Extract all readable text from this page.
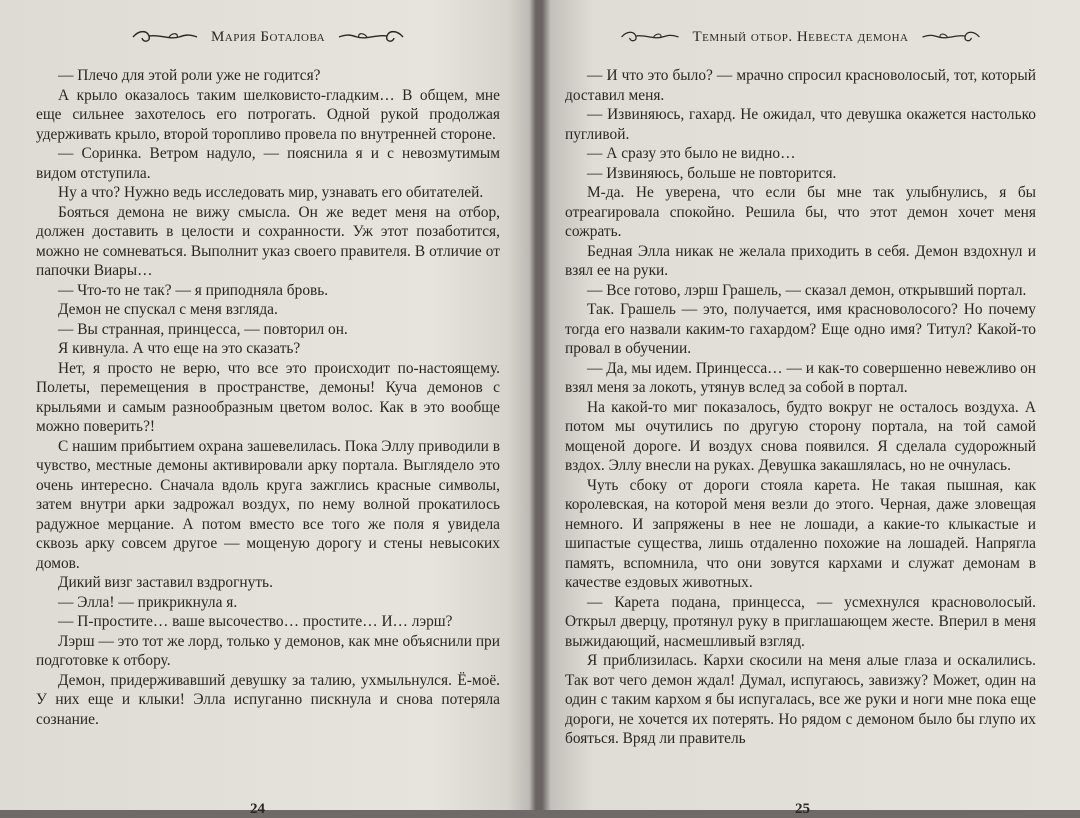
Мария Боталова

— Плечо для этой роли уже не годится?

А крыло оказалось таким шелковисто-гладким… В общем, мне еще сильнее захотелось его потрогать. Одной рукой продолжая удерживать крыло, второй торопливо провела по внутренней стороне.

— Соринка. Ветром надуло, — пояснила я и с невозмутимым видом отступила.

Ну а что? Нужно ведь исследовать мир, узнавать его обитателей.

Бояться демона не вижу смысла. Он же ведет меня на отбор, должен доставить в целости и сохранности. Уж этот позаботится, можно не сомневаться. Выполнит указ своего правителя. В отличие от папочки Виары…

— Что-то не так? — я приподняла бровь.

Демон не спускал с меня взгляда.

— Вы странная, принцесса, — повторил он.

Я кивнула. А что еще на это сказать?

Нет, я просто не верю, что все это происходит по-настоящему. Полеты, перемещения в пространстве, демоны! Куча демонов с крыльями и самым разнообразным цветом волос. Как в это вообще можно поверить?!

С нашим прибытием охрана зашевелилась. Пока Эллу приводили в чувство, местные демоны активировали арку портала. Выглядело это очень интересно. Сначала вдоль круга зажглись красные символы, затем внутри арки задрожал воздух, по нему волной прокатилось радужное мерцание. А потом вместо все того же поля я увидела сквозь арку совсем другое — мощеную дорогу и стены невысоких домов.

Дикий визг заставил вздрогнуть.

— Элла! — прикрикнула я.

— П-простите… ваше высочество… простите… И… лэрш?

Лэрш — это тот же лорд, только у демонов, как мне объяснили при подготовке к отбору.

Демон, придерживавший девушку за талию, ухмыльнулся. Ё-моё. У них еще и клыки! Элла испуганно пискнула и снова потеряла сознание.

24
Темный отбор. Невеста демона

— И что это было? — мрачно спросил красноволосый, тот, который доставил меня.

— Извиняюсь, гахард. Не ожидал, что девушка окажется настолько пугливой.

— А сразу это было не видно…

— Извиняюсь, больше не повторится.

М-да. Не уверена, что если бы мне так улыбнулись, я бы отреагировала спокойно. Решила бы, что этот демон хочет меня сожрать.

Бедная Элла никак не желала приходить в себя. Демон вздохнул и взял ее на руки.

— Все готово, лэрш Грашель, — сказал демон, открывший портал.

Так. Грашель — это, получается, имя красноволосого? Но почему тогда его назвали каким-то гахардом? Еще одно имя? Титул? Какой-то провал в обучении.

— Да, мы идем. Принцесса… — и как-то совершенно невежливо он взял меня за локоть, утянув вслед за собой в портал.

На какой-то миг показалось, будто вокруг не осталось воздуха. А потом мы очутились по другую сторону портала, на той самой мощеной дороге. И воздух снова появился. Я сделала судорожный вздох. Эллу внесли на руках. Девушка закашлялась, но не очнулась.

Чуть сбоку от дороги стояла карета. Не такая пышная, как королевская, на которой меня везли до этого. Черная, даже зловещая немного. И запряжены в нее не лошади, а какие-то клыкастые и шипастые существа, лишь отдаленно похожие на лошадей. Напрягла память, вспомнила, что они зовутся кархами и служат демонам в качестве ездовых животных.

— Карета подана, принцесса, — усмехнулся красноволосый. Открыл дверцу, протянул руку в приглашающем жесте. Вперил в меня выжидающий, насмешливый взгляд.

Я приблизилась. Кархи скосили на меня алые глаза и оскалились. Так вот чего демон ждал! Думал, испугаюсь, завизжу? Может, один на один с таким кархом я бы испугалась, все же руки и ноги мне пока еще дороги, не хочется их потерять. Но рядом с демоном было бы глупо их бояться. Вряд ли правитель

25
